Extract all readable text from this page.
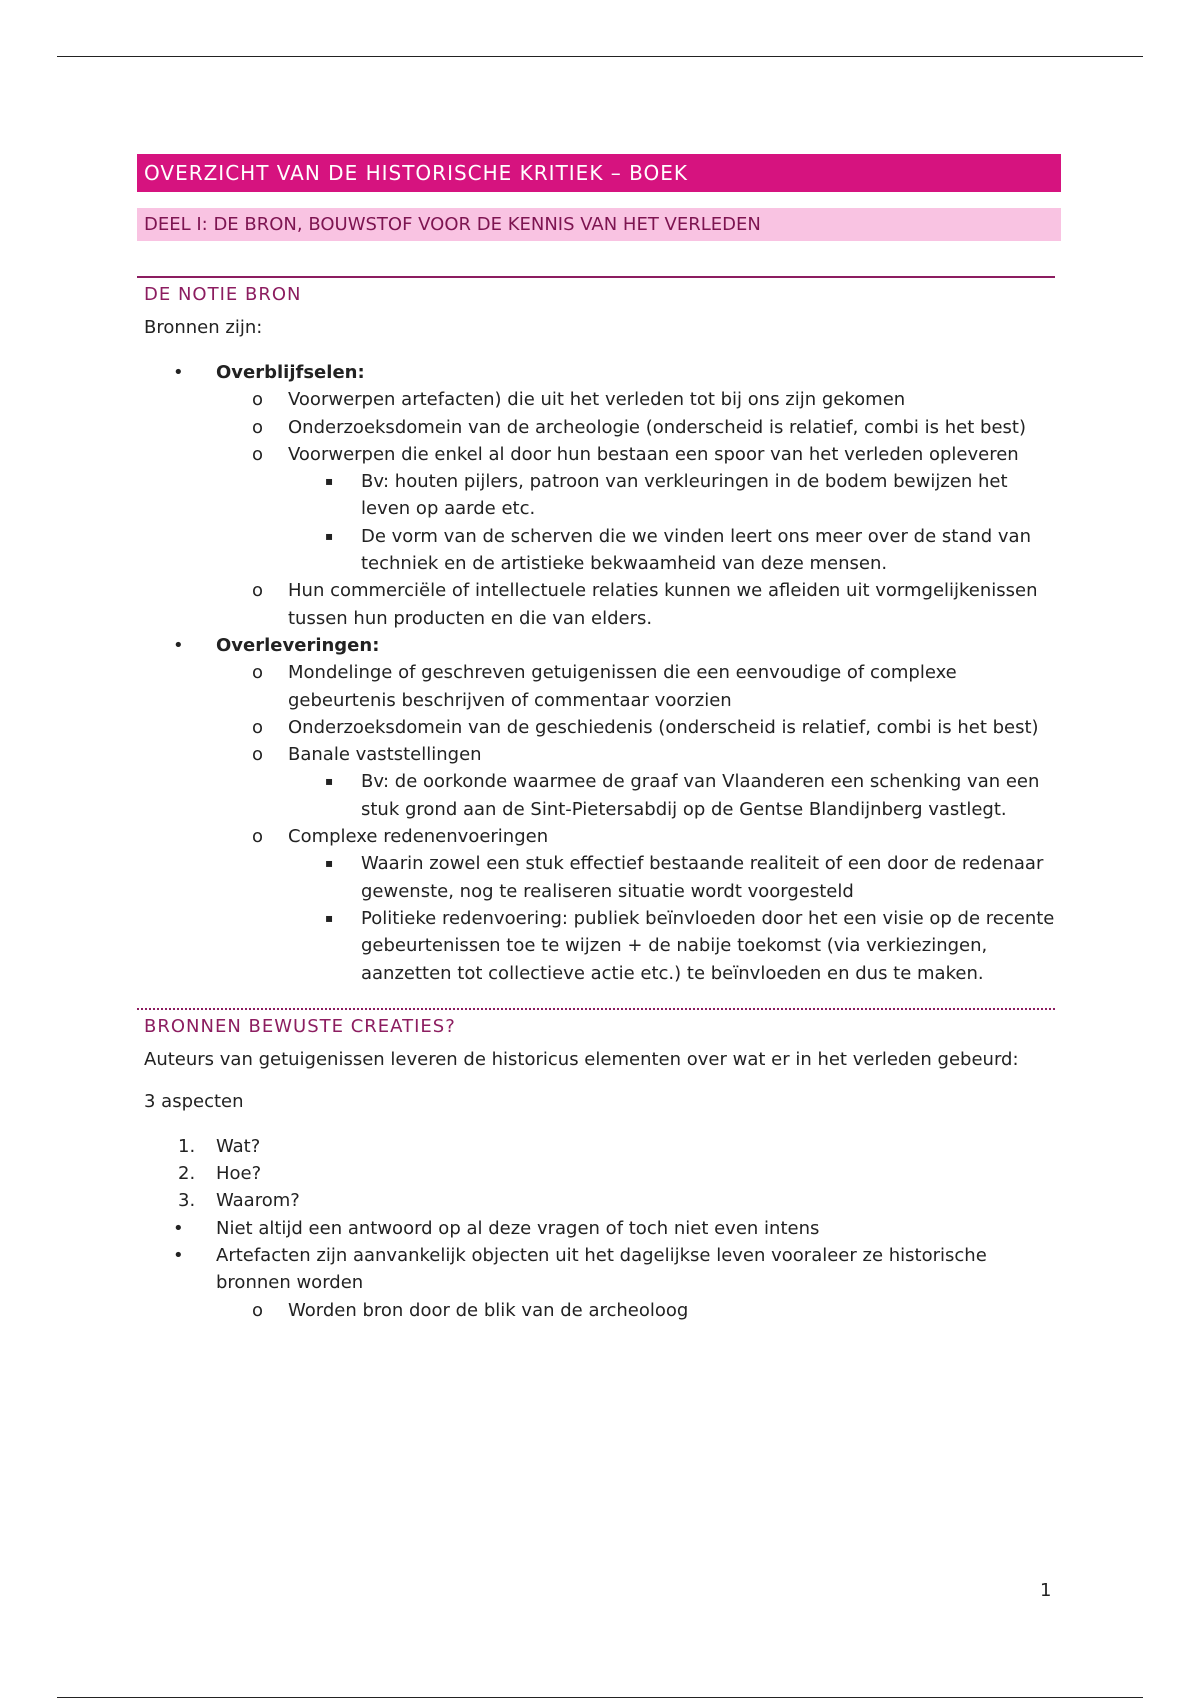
OVERZICHT VAN DE HISTORISCHE KRITIEK – BOEK
DEEL I: DE BRON, BOUWSTOF VOOR DE KENNIS VAN HET VERLEDEN
DE NOTIE BRON

Bronnen zijn:

• Overblijfselen:
o Voorwerpen artefacten) die uit het verleden tot bij ons zijn gekomen
o Onderzoeksdomein van de archeologie (onderscheid is relatief, combi is het best)
o Voorwerpen die enkel al door hun bestaan een spoor van het verleden opleveren
▪ Bv: houten pijlers, patroon van verkleuringen in de bodem bewijzen het leven op aarde etc.
▪ De vorm van de scherven die we vinden leert ons meer over de stand van techniek en de artistieke bekwaamheid van deze mensen.
o Hun commerciële of intellectuele relaties kunnen we afleiden uit vormgelijkenissen tussen hun producten en die van elders.
• Overleveringen:
o Mondelinge of geschreven getuigenissen die een eenvoudige of complexe gebeurtenis beschrijven of commentaar voorzien
o Onderzoeksdomein van de geschiedenis (onderscheid is relatief, combi is het best)
o Banale vaststellingen
▪ Bv: de oorkonde waarmee de graaf van Vlaanderen een schenking van een stuk grond aan de Sint-Pietersabdij op de Gentse Blandijnberg vastlegt.
o Complexe redenenvoeringen
▪ Waarin zowel een stuk effectief bestaande realiteit of een door de redenaar gewenste, nog te realiseren situatie wordt voorgesteld
▪ Politieke redenvoering: publiek beïnvloeden door het een visie op de recente gebeurtenissen toe te wijzen + de nabije toekomst (via verkiezingen, aanzetten tot collectieve actie etc.) te beïnvloeden en dus te maken.
BRONNEN BEWUSTE CREATIES?

Auteurs van getuigenissen leveren de historicus elementen over wat er in het verleden gebeurd:

3 aspecten

1. Wat?
2. Hoe?
3. Waarom?
• Niet altijd een antwoord op al deze vragen of toch niet even intens
• Artefacten zijn aanvankelijk objecten uit het dagelijkse leven vooraleer ze historische bronnen worden
o Worden bron door de blik van de archeoloog
1
